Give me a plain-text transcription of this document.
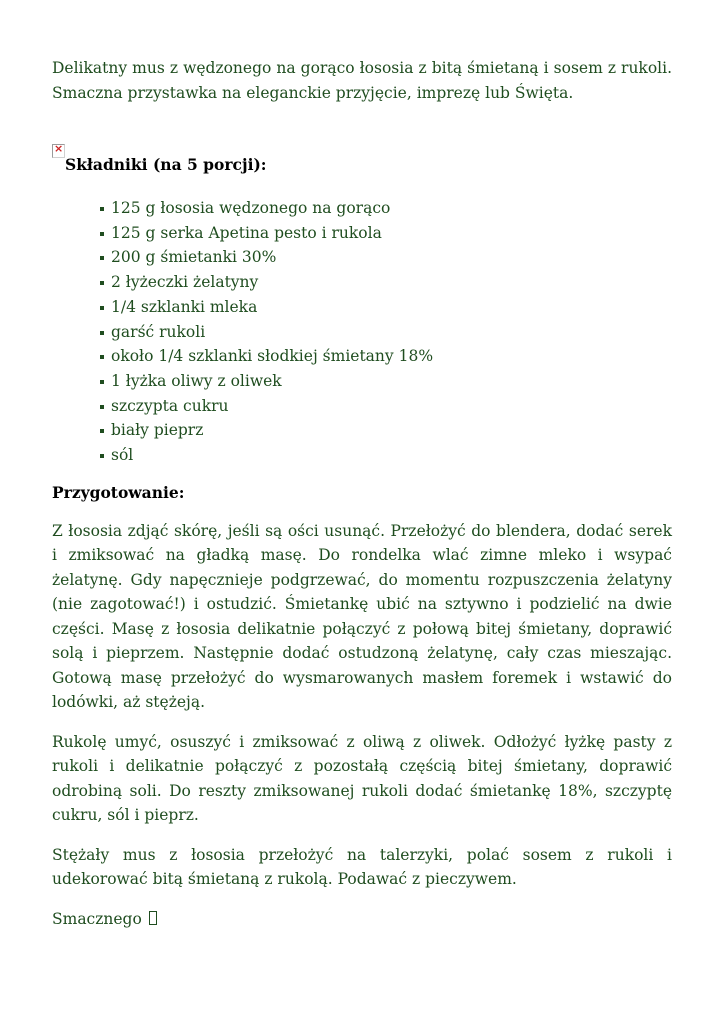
Delikatny mus z wędzonego na gorąco łososia z bitą śmietaną i sosem z rukoli. Smaczna przystawka na eleganckie przyjęcie, imprezę lub Święta.

×
Składniki (na 5 porcji):
125 g łososia wędzonego na gorąco
125 g serka Apetina pesto i rukola
200 g śmietanki 30%
2 łyżeczki żelatyny
1/4 szklanki mleka
garść rukoli
około 1/4 szklanki słodkiej śmietany 18%
1 łyżka oliwy z oliwek
szczypta cukru
biały pieprz
sól
Przygotowanie:

Z łososia zdjąć skórę, jeśli są ości usunąć. Przełożyć do blendera, dodać serek i zmiksować na gładką masę. Do rondelka wlać zimne mleko i wsypać żelatynę. Gdy napęcznieje podgrzewać, do momentu rozpuszczenia żelatyny (nie zagotować!) i ostudzić. Śmietankę ubić na sztywno i podzielić na dwie części. Masę z łososia delikatnie połączyć z połową bitej śmietany, doprawić solą i pieprzem. Następnie dodać ostudzoną żelatynę, cały czas mieszając. Gotową masę przełożyć do wysmarowanych masłem foremek i wstawić do lodówki, aż stężeją.

Rukolę umyć, osuszyć i zmiksować z oliwą z oliwek. Odłożyć łyżkę pasty z rukoli i delikatnie połączyć z pozostałą częścią bitej śmietany, doprawić odrobiną soli. Do reszty zmiksowanej rukoli dodać śmietankę 18%, szczyptę cukru, sól i pieprz.

Stężały mus z łososia przełożyć na talerzyki, polać sosem z rukoli i udekorować bitą śmietaną z rukolą. Podawać z pieczywem.

Smacznego
